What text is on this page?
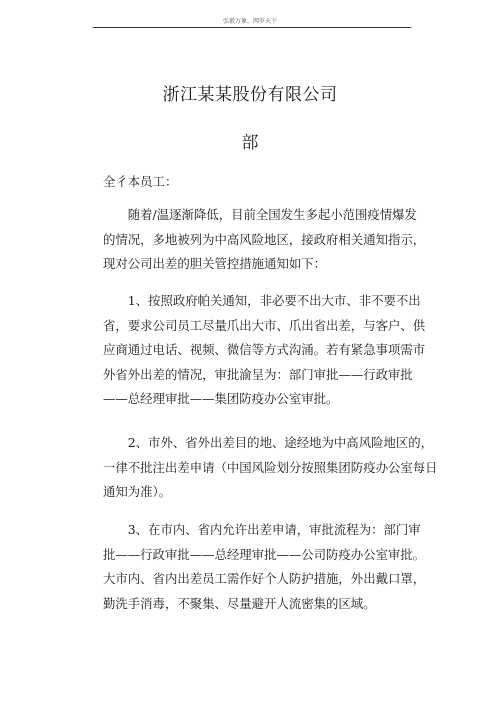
弘毅万象，网罗天下
浙江某某股份有限公司
部

全彳本员工：

　　随着/温逐渐降低，目前全国发生多起小范围疫情爆发
的情况，多地被列为中高风险地区，接政府相关通知指示，
现对公司出差的胆关管控措施通知如下：
　　1、按照政府帕关通知，非必要不出大市、非不要不出
省，要求公司员工尽量爪出大市、爪出省出差，与客户、供
应商通过电话、视频、微信等方式沟涌。若有紧急事项需市
外省外出差的情况，审批渝呈为：部门审批——行政审批
——总经理审批——集团防疫办公室审批。
　　2、市外、省外出差目的地、途经地为中高风险地区的，
一律不批注出差申请（中国风险划分按照集团防疫办公室每日
通知为准）。
　　3、在市内、省内允许出差申请，审批流程为：部门审
批——行政审批——总经理审批——公司防疫办公室审批。
大市内、省内出差员工需作好个人防护措施，外出戴口罩，
勤洗手消毒，不聚集、尽量避开人流密集的区域。
